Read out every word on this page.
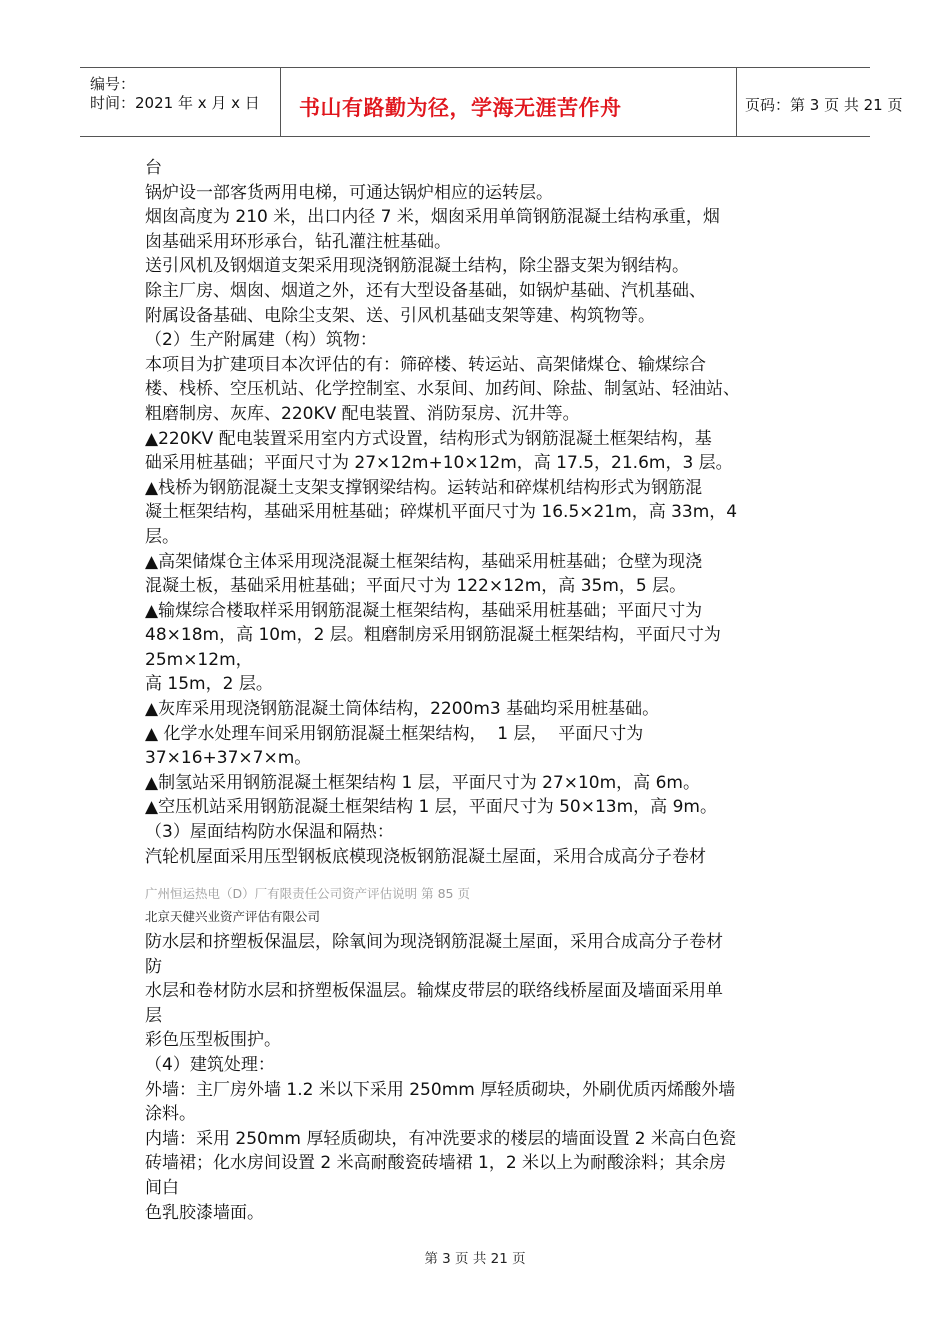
编号：
时间：2021 年 x 月 x 日 书山有路勤为径，学海无涯苦作舟	页码：第 3 页 共 21 页

台

锅炉设一部客货两用电梯，可通达锅炉相应的运转层。

烟囱高度为 210 米，出口内径 7 米，烟囱采用单筒钢筋混凝土结构承重，烟

囱基础采用环形承台，钻孔灌注桩基础。

送引风机及钢烟道支架采用现浇钢筋混凝土结构，除尘器支架为钢结构。

除主厂房、烟囱、烟道之外，还有大型设备基础，如锅炉基础、汽机基础、

附属设备基础、电除尘支架、送、引风机基础支架等建、构筑物等。

（2）生产附属建（构）筑物：

本项目为扩建项目本次评估的有：筛碎楼、转运站、高架储煤仓、输煤综合

楼、栈桥、空压机站、化学控制室、水泵间、加药间、除盐、制氢站、轻油站、

粗磨制房、灰库、220KV 配电装置、消防泵房、沉井等。

▲220KV 配电装置采用室内方式设置，结构形式为钢筋混凝土框架结构，基

础采用桩基础；平面尺寸为 27×12m+10×12m，高 17.5，21.6m，3 层。

▲栈桥为钢筋混凝土支架支撑钢梁结构。运转站和碎煤机结构形式为钢筋混

凝土框架结构，基础采用桩基础；碎煤机平面尺寸为 16.5×21m，高 33m，4

层。

▲高架储煤仓主体采用现浇混凝土框架结构，基础采用桩基础；仓壁为现浇

混凝土板，基础采用桩基础；平面尺寸为 122×12m，高 35m，5 层。

▲输煤综合楼取样采用钢筋混凝土框架结构，基础采用桩基础；平面尺寸为

48×18m，高 10m，2 层。粗磨制房采用钢筋混凝土框架结构，平面尺寸为

25m×12m，

高 15m，2 层。

▲灰库采用现浇钢筋混凝土筒体结构，2200m3 基础均采用桩基础。

▲ 化学水处理车间采用钢筋混凝土框架结构，  1 层，  平面尺寸为

37×16+37×7×m。

▲制氢站采用钢筋混凝土框架结构 1 层，平面尺寸为 27×10m，高 6m。

▲空压机站采用钢筋混凝土框架结构 1 层，平面尺寸为 50×13m，高 9m。

（3）屋面结构防水保温和隔热：

汽轮机屋面采用压型钢板底模现浇板钢筋混凝土屋面，采用合成高分子卷材

广州恒运热电（D）厂有限责任公司资产评估说明 第 85 页
北京天健兴业资产评估有限公司

防水层和挤塑板保温层，除氧间为现浇钢筋混凝土屋面，采用合成高分子卷材

防

水层和卷材防水层和挤塑板保温层。输煤皮带层的联络线桥屋面及墙面采用单

层

彩色压型板围护。

（4）建筑处理：

外墙：主厂房外墙 1.2 米以下采用 250mm 厚轻质砌块，外刷优质丙烯酸外墙

涂料。

内墙：采用 250mm 厚轻质砌块，有冲洗要求的楼层的墙面设置 2 米高白色瓷

砖墙裙；化水房间设置 2 米高耐酸瓷砖墙裙 1，2 米以上为耐酸涂料；其余房

间白

色乳胶漆墙面。

第 3 页 共 21 页
